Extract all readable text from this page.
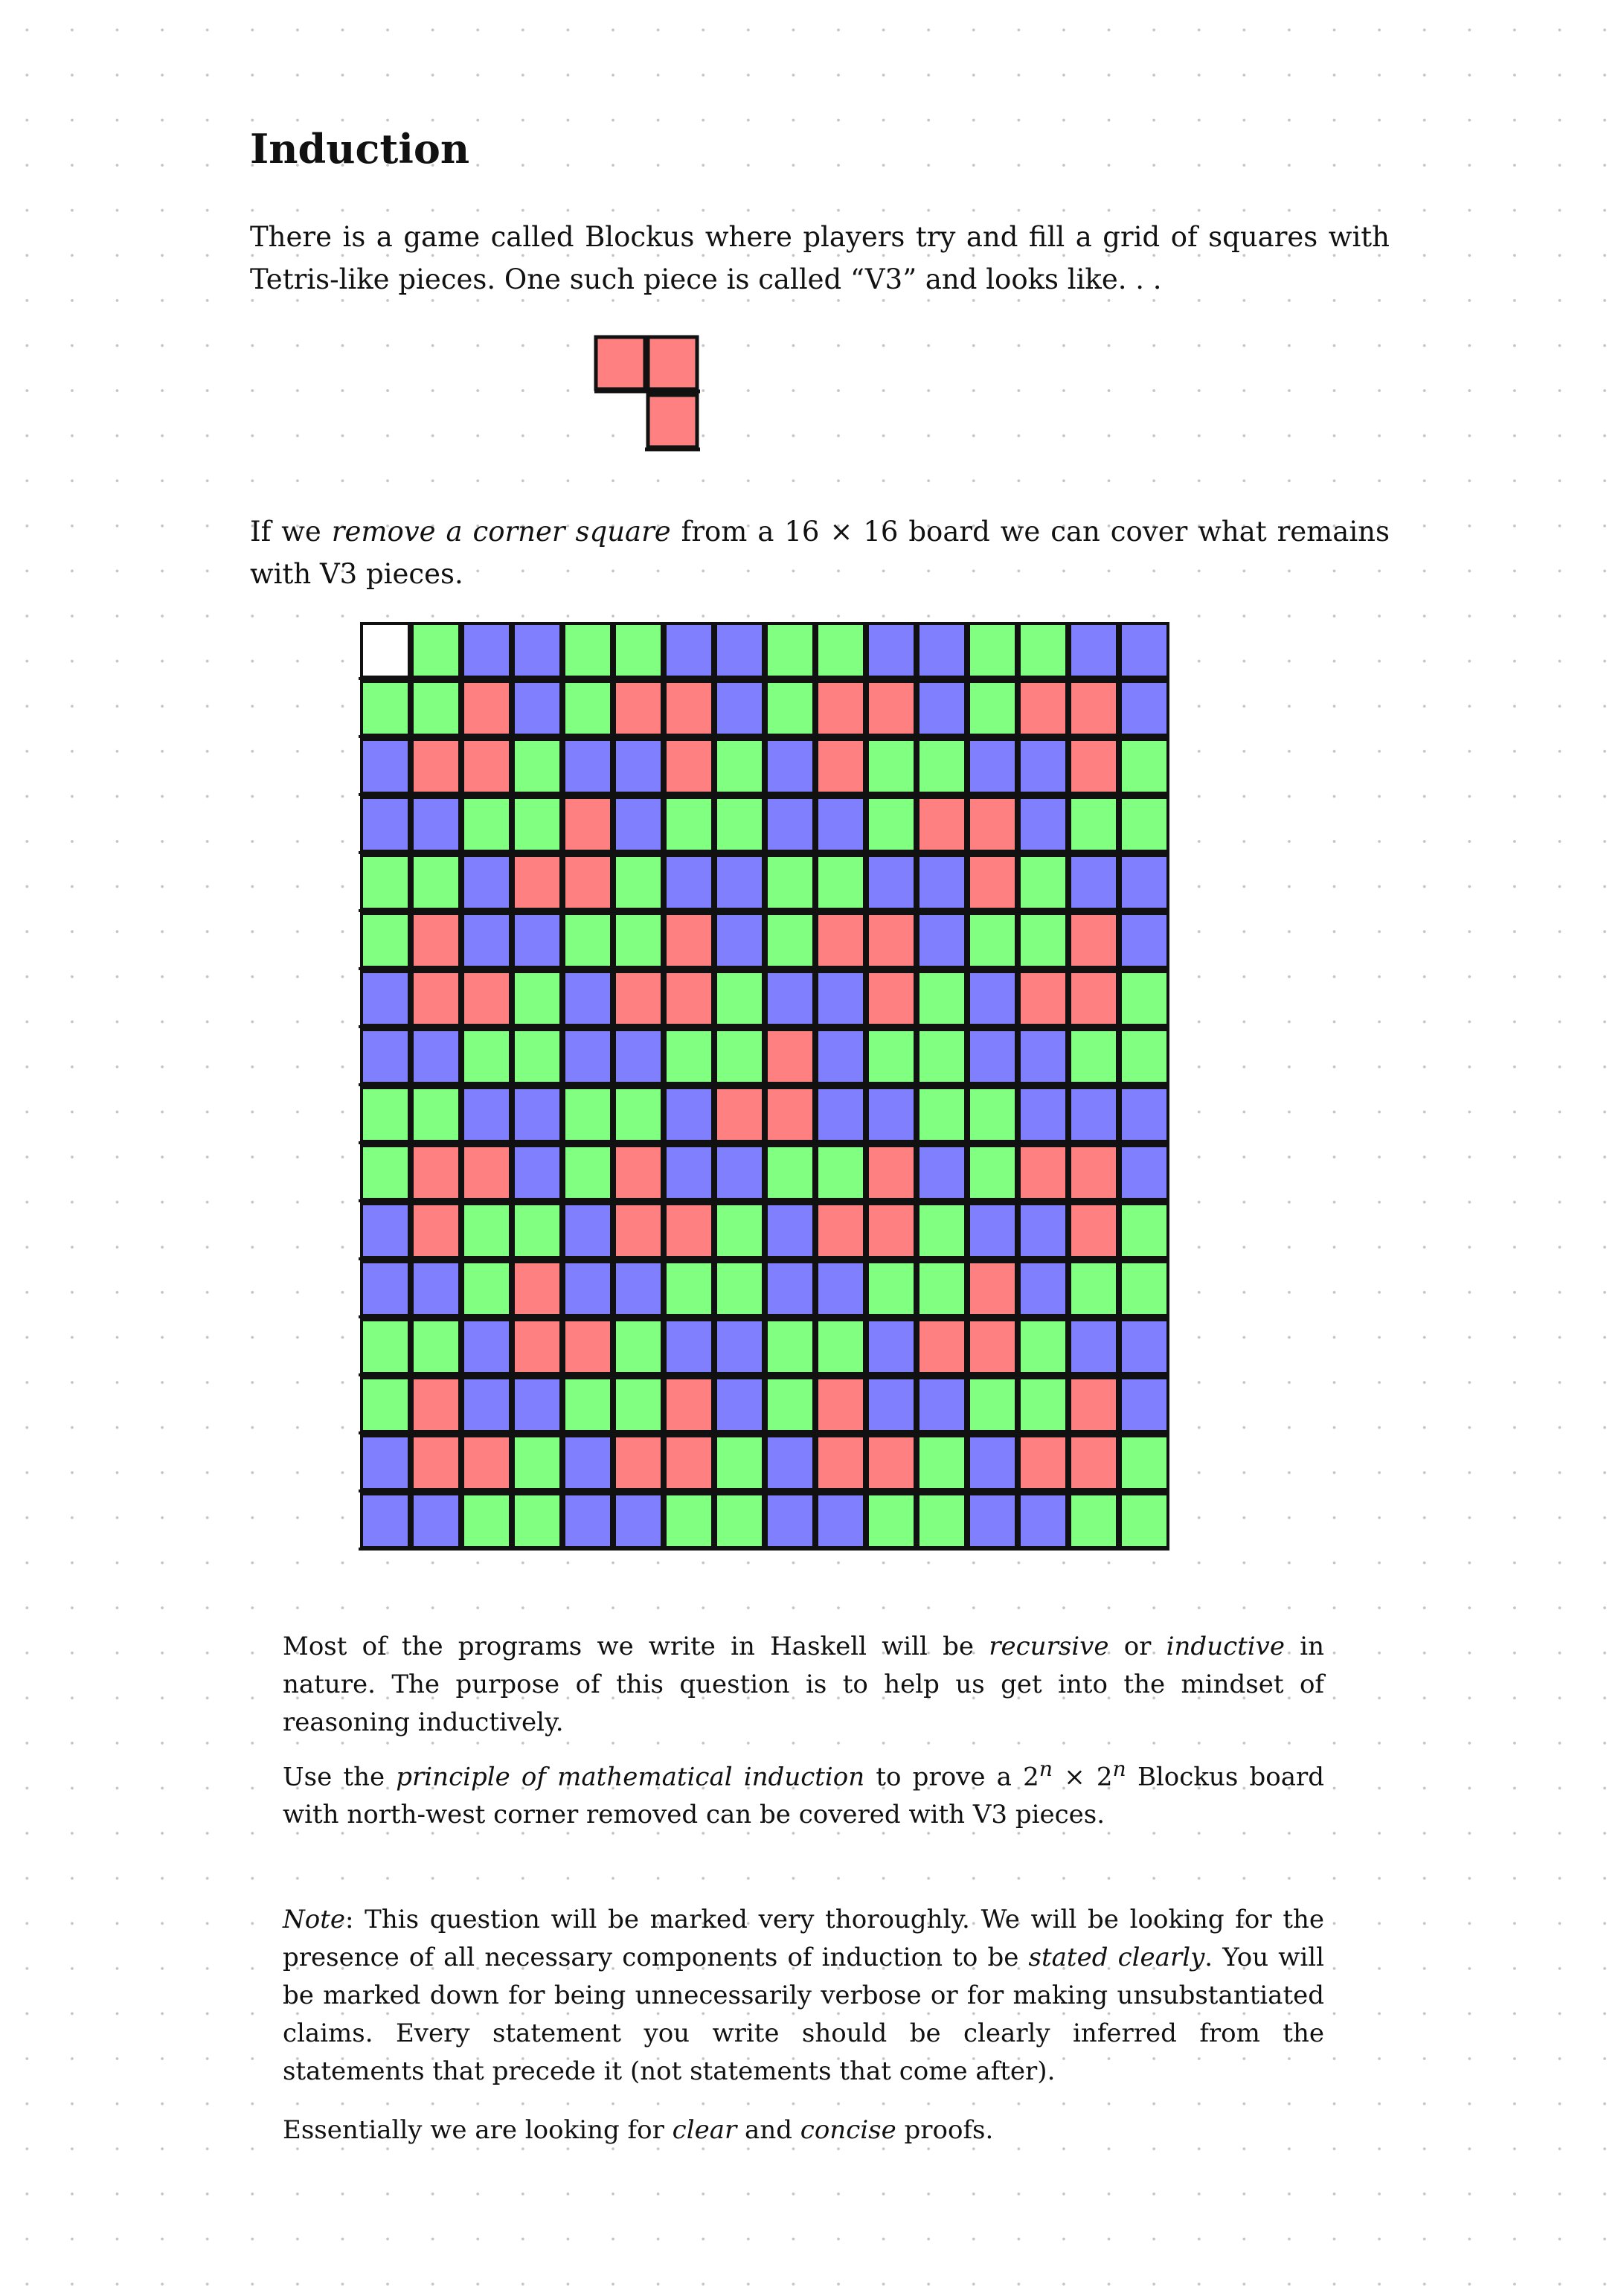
Induction

There is a game called Blockus where players try and fill a grid of squares with Tetris-like pieces. One such piece is called “V3” and looks like. . .

If we remove a corner square from a 16 × 16 board we can cover what remains with V3 pieces.

Most of the programs we write in Haskell will be recursive or inductive in nature. The purpose of this question is to help us get into the mindset of reasoning inductively.

Use the principle of mathematical induction to prove a $2^n \times 2^n$ Blockus board with north-west corner removed can be covered with V3 pieces.

Note: This question will be marked very thoroughly. We will be looking for the presence of all necessary components of induction to be stated clearly. You will be marked down for being unnecessarily verbose or for making unsubstantiated claims. Every statement you write should be clearly inferred from the statements that precede it (not statements that come after).

Essentially we are looking for clear and concise proofs.
